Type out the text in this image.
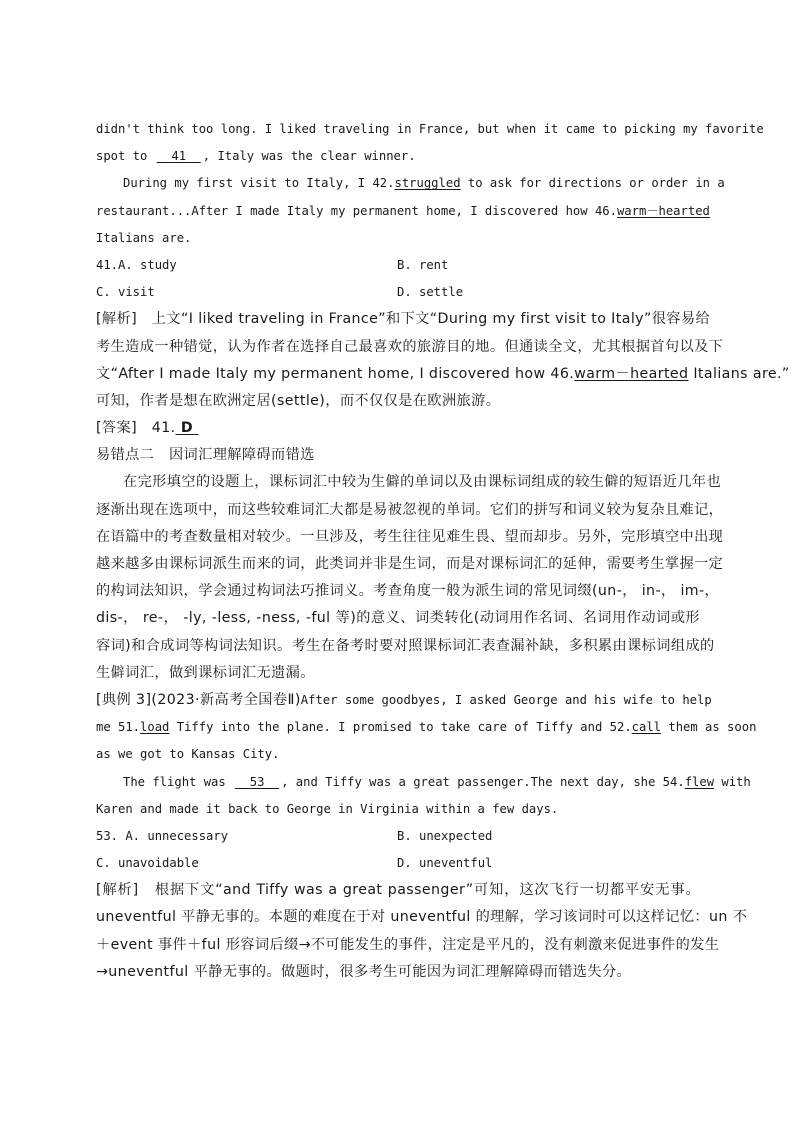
didn't think too long. I liked traveling in France, but when it came to picking my favorite
spot to   41 , Italy was the clear winner.
During my first visit to Italy, I 42.struggled to ask for directions or order in a
restaurant...After I made Italy my permanent home, I discovered how 46.warm－hearted
Italians are.
41.A. study	B. rent
C. visit	D. settle
[解析] 上文“I liked traveling in France”和下文“During my first visit to Italy”很容易给
考生造成一种错觉，认为作者在选择自己最喜欢的旅游目的地。但通读全文，尤其根据首句以及下
文“After I made Italy my permanent home, I discovered how 46.warm－hearted Italians are.”
可知，作者是想在欧洲定居(settle)，而不仅仅是在欧洲旅游。
[答案] 41. D
易错点二　因词汇理解障碍而错选
在完形填空的设题上，课标词汇中较为生僻的单词以及由课标词组成的较生僻的短语近几年也
逐渐出现在选项中，而这些较难词汇大都是易被忽视的单词。它们的拼写和词义较为复杂且难记，
在语篇中的考查数量相对较少。一旦涉及，考生往往见难生畏、望而却步。另外，完形填空中出现
越来越多由课标词派生而来的词，此类词并非是生词，而是对课标词汇的延伸，需要考生掌握一定
的构词法知识，学会通过构词法巧推词义。考查角度一般为派生词的常见词缀(un-， in-， im-，
dis-， re-， -ly, -less, -ness, -ful 等)的意义、词类转化(动词用作名词、名词用作动词或形
容词)和合成词等构词法知识。考生在备考时要对照课标词汇表查漏补缺，多积累由课标词组成的
生僻词汇，做到课标词汇无遗漏。
[典例 3](2023·新高考全国卷Ⅱ)After some goodbyes, I asked George and his wife to help
me 51.load Tiffy into the plane. I promised to take care of Tiffy and 52.call them as soon
as we got to Kansas City.
The flight was   53 , and Tiffy was a great passenger.The next day, she 54.flew with
Karen and made it back to George in Virginia within a few days.
53. A. unnecessary	B. unexpected
C. unavoidable	D. uneventful
[解析] 根据下文“and Tiffy was a great passenger”可知，这次飞行一切都平安无事。
uneventful 平静无事的。本题的难度在于对 uneventful 的理解，学习该词时可以这样记忆：un 不
＋event 事件＋ful 形容词后缀→不可能发生的事件，注定是平凡的，没有刺激来促进事件的发生
→uneventful 平静无事的。做题时，很多考生可能因为词汇理解障碍而错选失分。
